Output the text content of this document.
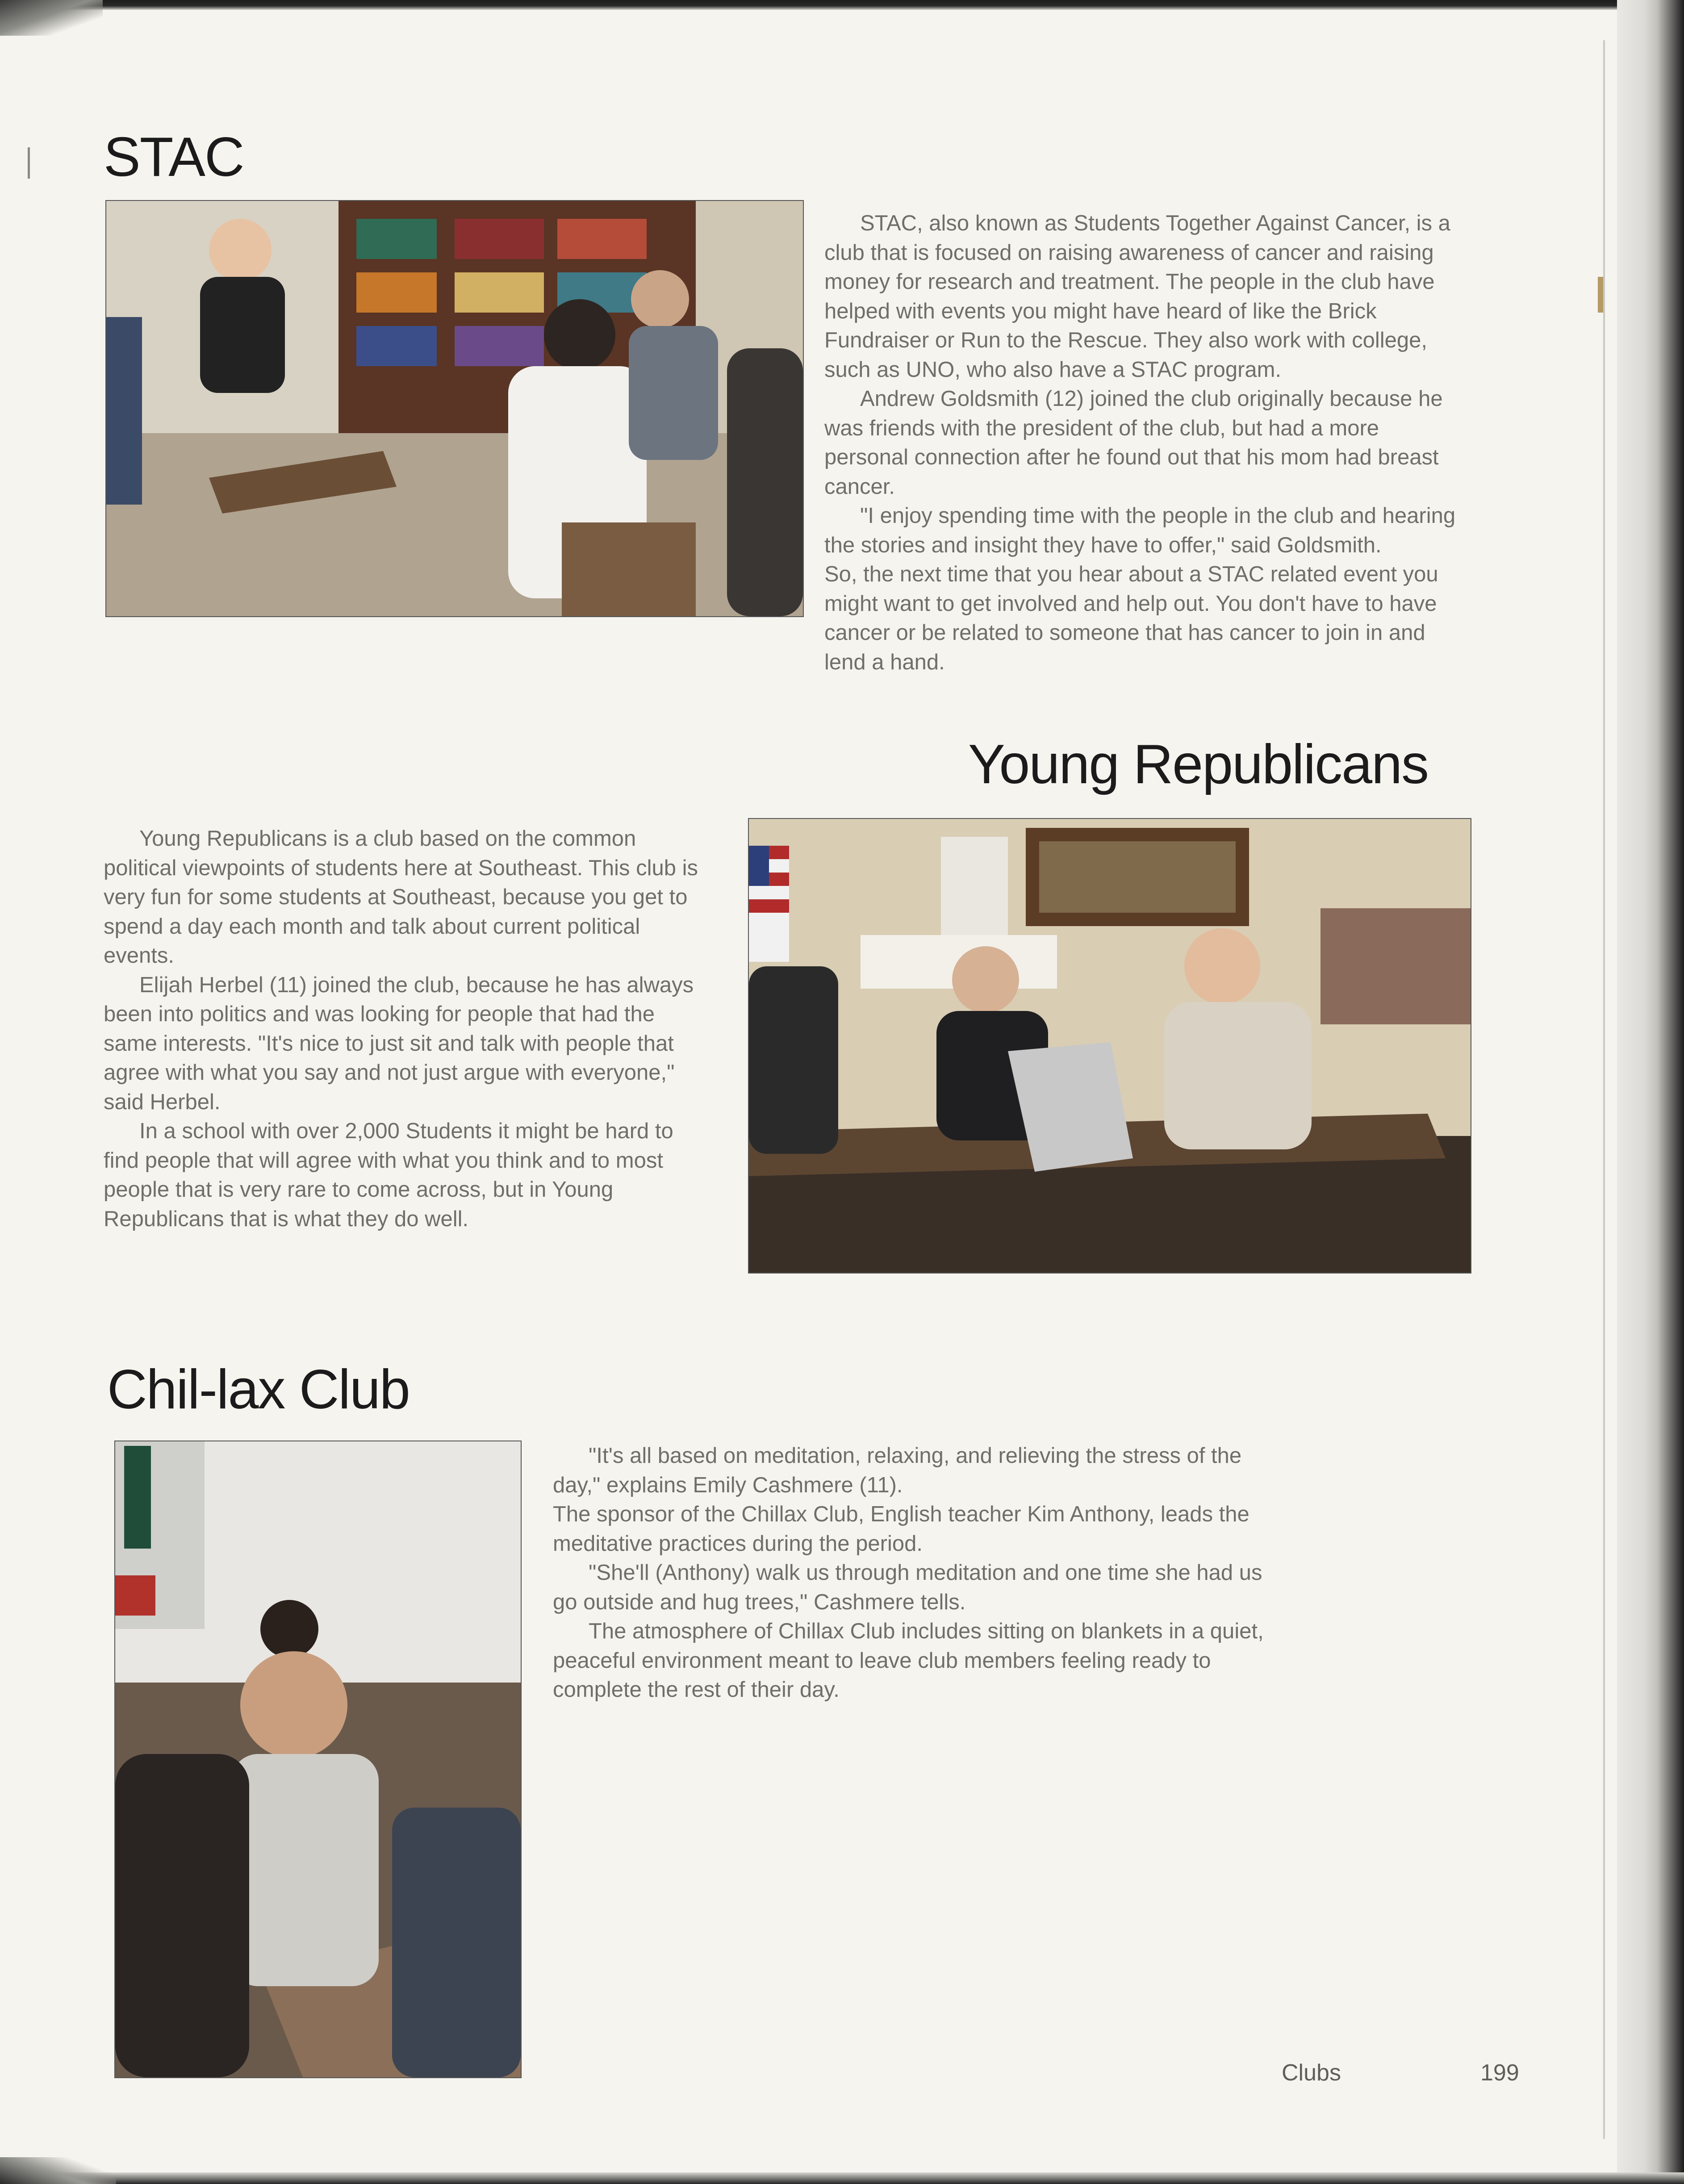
STAC

STAC, also known as Students Together Against Cancer, is a club that is focused on raising awareness of cancer and raising money for research and treatment. The people in the club have helped with events you might have heard of like the Brick Fundraiser or Run to the Rescue. They also work with college, such as UNO, who also have a STAC program.

Andrew Goldsmith (12) joined the club originally because he was friends with the president of the club, but had a more personal connection after he found out that his mom had breast cancer.

"I enjoy spending time with the people in the club and hearing the stories and insight they have to offer," said Goldsmith.

So, the next time that you hear about a STAC related event you might want to get involved and help out. You don't have to have cancer or be related to someone that has cancer to join in and lend a hand.

Young Republicans

Young Republicans is a club based on the common political viewpoints of students here at Southeast. This club is very fun for some students at Southeast, because you get to spend a day each month and talk about current political events.

Elijah Herbel (11) joined the club, because he has always been into politics and was looking for people that had the same interests. "It's nice to just sit and talk with people that agree with what you say and not just argue with everyone," said Herbel.

In a school with over 2,000 Students it might be hard to find people that will agree with what you think and to most people that is very rare to come across, but in Young Republicans that is what they do well.

Chil-lax Club

"It's all based on meditation, relaxing, and relieving the stress of the day," explains Emily Cashmere (11).

The sponsor of the Chillax Club, English teacher Kim Anthony, leads the meditative practices during the period.

"She'll (Anthony) walk us through meditation and one time she had us go outside and hug trees," Cashmere tells.

The atmosphere of Chillax Club includes sitting on blankets in a quiet, peaceful environment meant to leave club members feeling ready to complete the rest of their day.

Clubs	199
